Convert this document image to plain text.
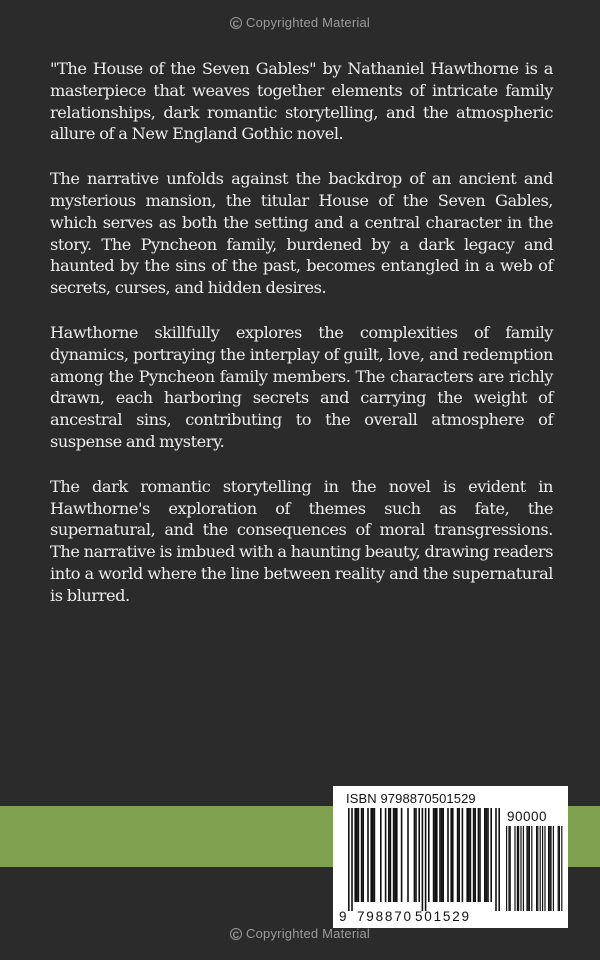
C Copyrighted Material

"The House of the Seven Gables" by Nathaniel Hawthorne is a masterpiece that weaves together elements of intricate family relationships, dark romantic storytelling, and the atmospheric allure of a New England Gothic novel.

The narrative unfolds against the backdrop of an ancient and mysterious mansion, the titular House of the Seven Gables, which serves as both the setting and a central character in the story. The Pyncheon family, burdened by a dark legacy and haunted by the sins of the past, becomes entangled in a web of secrets, curses, and hidden desires.

Hawthorne skillfully explores the complexities of family dynamics, portraying the interplay of guilt, love, and redemption among the Pyncheon family members. The characters are richly drawn, each harboring secrets and carrying the weight of ancestral sins, contributing to the overall atmosphere of suspense and mystery.

The dark romantic storytelling in the novel is evident in Hawthorne's exploration of themes such as fate, the supernatural, and the consequences of moral transgressions. The narrative is imbued with a haunting beauty, drawing readers into a world where the line between reality and the supernatural is blurred.

ISBN 9798870501529
90000
9 798870 501529
C Copyrighted Material
